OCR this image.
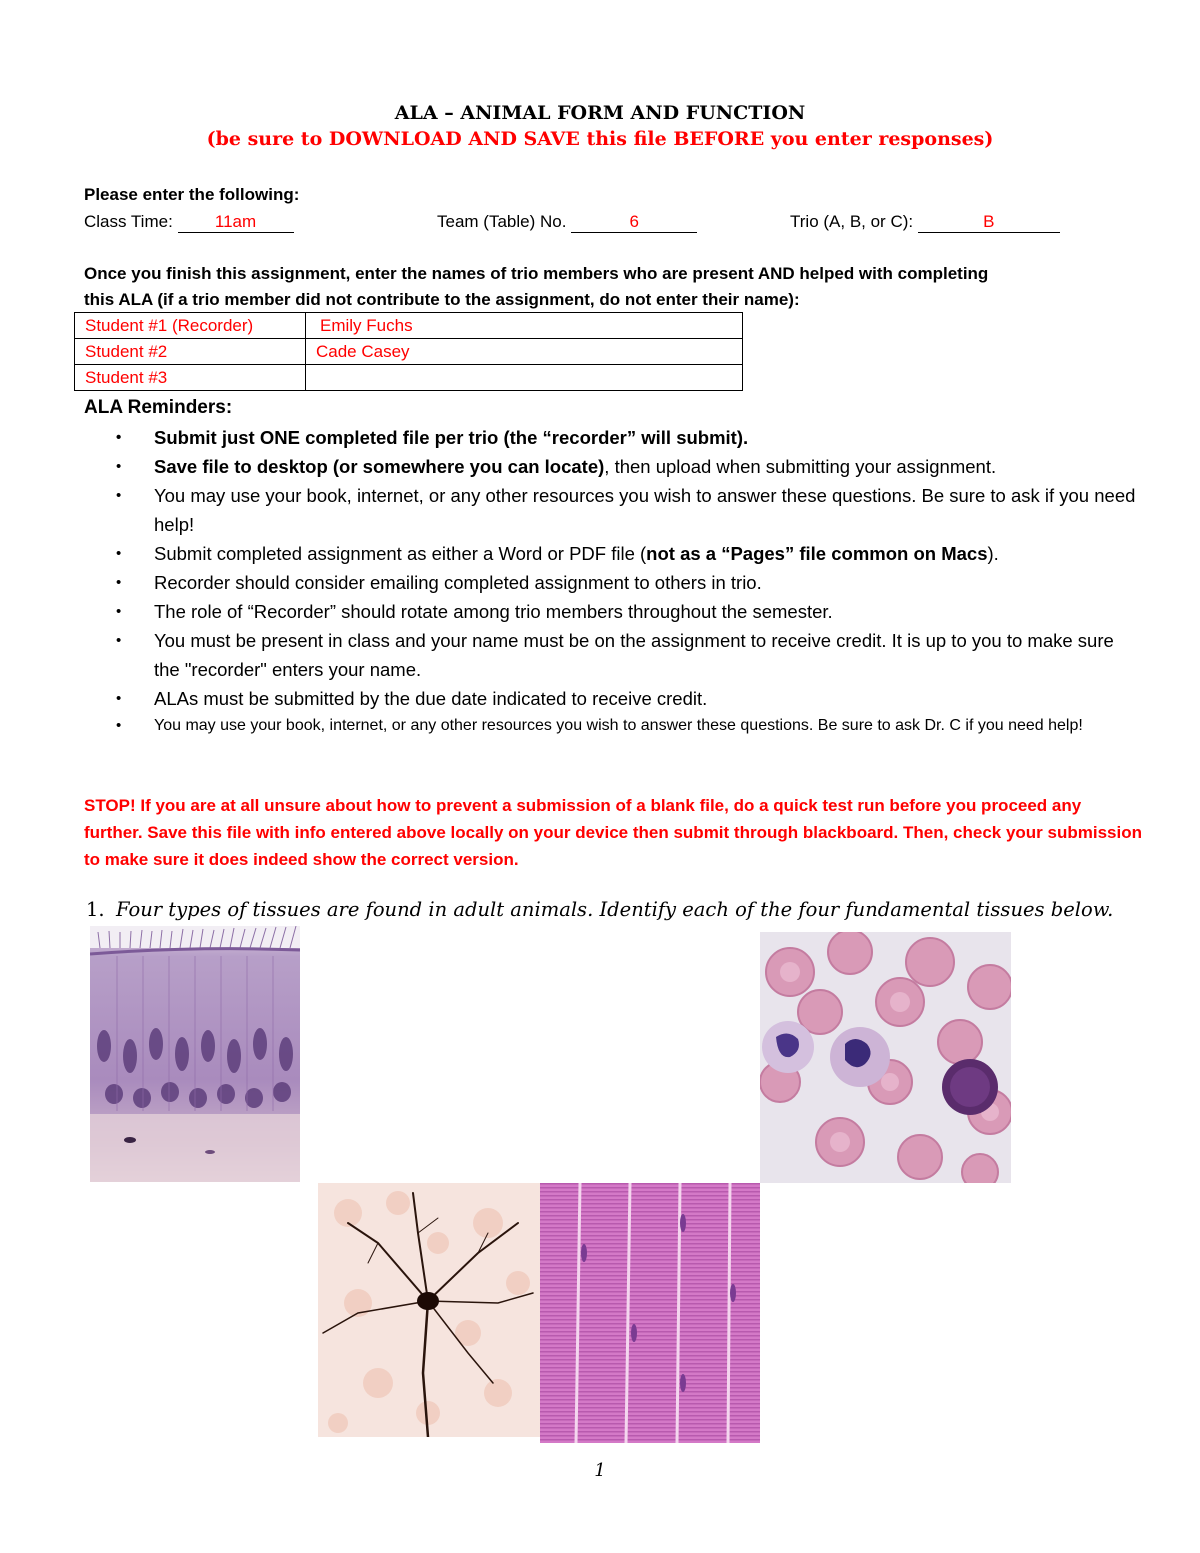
ALA – ANIMAL FORM AND FUNCTION
(be sure to DOWNLOAD AND SAVE this file BEFORE you enter responses)
Please enter the following:
Class Time: 11am	Team (Table) No.	6	Trio (A, B, or C):	B
Once you finish this assignment, enter the names of trio members who are present AND helped with completing
this ALA (if a trio member did not contribute to the assignment, do not enter their name):
Student #1 (Recorder)	Emily Fuchs
Student #2	Cade Casey
Student #3	
ALA Reminders:
• Submit just ONE completed file per trio (the “recorder” will submit).
• Save file to desktop (or somewhere you can locate), then upload when submitting your assignment.
• You may use your book, internet, or any other resources you wish to answer these questions. Be sure to ask if you need help!
• Submit completed assignment as either a Word or PDF file (not as a “Pages” file common on Macs).
• Recorder should consider emailing completed assignment to others in trio.
• The role of “Recorder” should rotate among trio members throughout the semester.
• You must be present in class and your name must be on the assignment to receive credit. It is up to you to make sure the "recorder" enters your name.
• ALAs must be submitted by the due date indicated to receive credit.
• You may use your book, internet, or any other resources you wish to answer these questions. Be sure to ask Dr. C if you need help!
STOP! If you are at all unsure about how to prevent a submission of a blank file, do a quick test run before you proceed any further. Save this file with info entered above locally on your device then submit through blackboard. Then, check your submission to make sure it does indeed show the correct version.
1. Four types of tissues are found in adult animals. Identify each of the four fundamental tissues below.
1
